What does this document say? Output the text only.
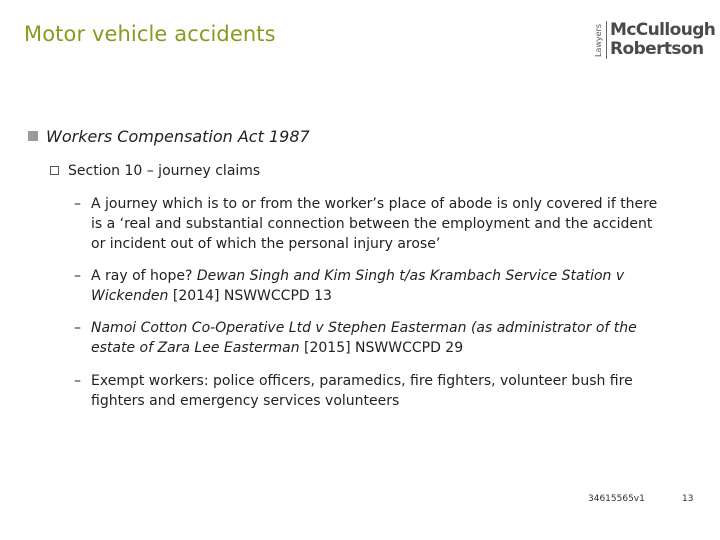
Motor vehicle accidents	Lawyers McCullough
Robertson
Workers Compensation Act 1987
Section 10 – journey claims
– A journey which is to or from the worker’s place of abode is only covered if there is a ‘real and substantial connection between the employment and the accident or incident out of which the personal injury arose’
– A ray of hope? Dewan Singh and Kim Singh t/as Krambach Service Station v Wickenden [2014] NSWWCCPD 13
– Namoi Cotton Co-Operative Ltd v Stephen Easterman (as administrator of the estate of Zara Lee Easterman [2015] NSWWCCPD 29
– Exempt workers: police officers, paramedics, fire fighters, volunteer bush fire fighters and emergency services volunteers
34615565v1	13
